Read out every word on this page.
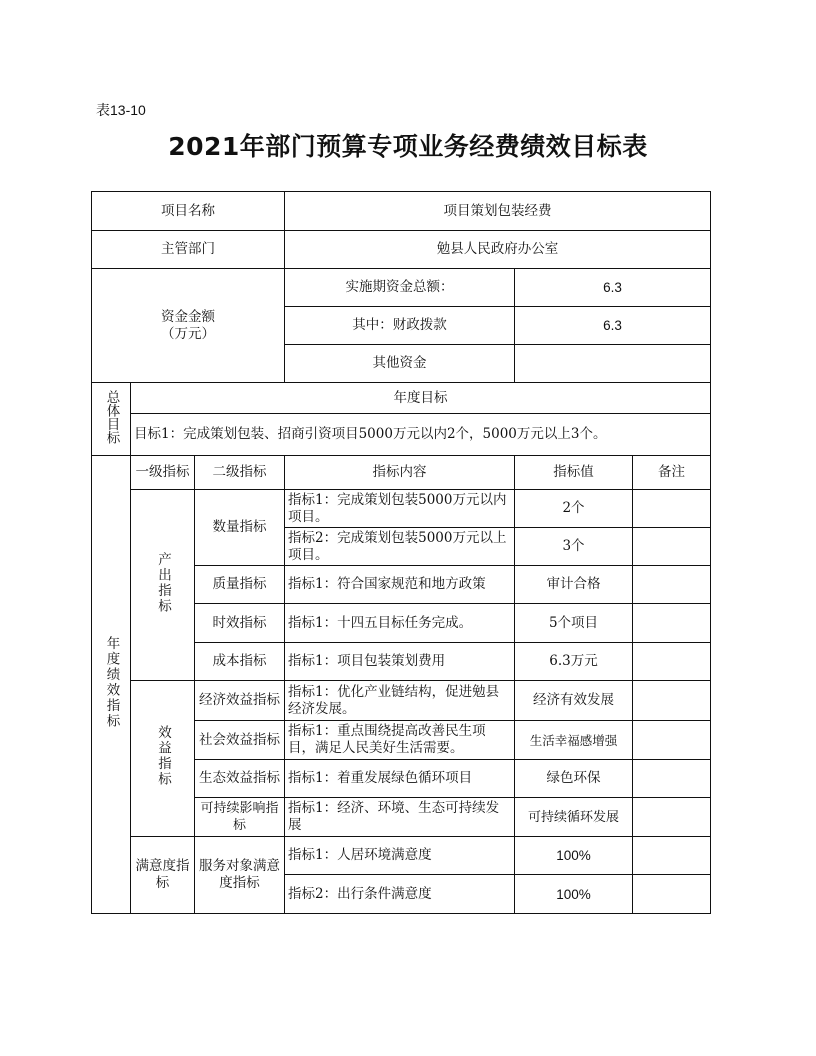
表13-10
2021年部门预算专项业务经费绩效目标表
项目名称			项目策划包装经费		
主管部门			勉县人民政府办公室		
资金金额
（万元）			实施期资金总额：	6.3	
			其中：财政拨款	6.3	
			其他资金		
总体目标	年度目标				
	目标1：完成策划包装、招商引资项目5000万元以内2个，5000万元以上3个。				
年度绩效指标	一级指标	二级指标	指标内容	指标值	备注
	产出指标	数量指标	指标1：完成策划包装5000万元以内项目。	2个	
			指标2：完成策划包装5000万元以上项目。	3个	
		质量指标	指标1：符合国家规范和地方政策	审计合格	
		时效指标	指标1：十四五目标任务完成。	5个项目	
		成本指标	指标1：项目包装策划费用	6.3万元	
	效益指标	经济效益指标	指标1：优化产业链结构，促进勉县经济发展。	经济有效发展	
		社会效益指标	指标1：重点围绕提高改善民生项目，满足人民美好生活需要。	生活幸福感增强	
		生态效益指标	指标1：着重发展绿色循环项目	绿色环保	
		可持续影响指标	指标1：经济、环境、生态可持续发展	可持续循环发展	
	满意度指标	服务对象满意度指标	指标1：人居环境满意度	100%	
			指标2：出行条件满意度	100%	
